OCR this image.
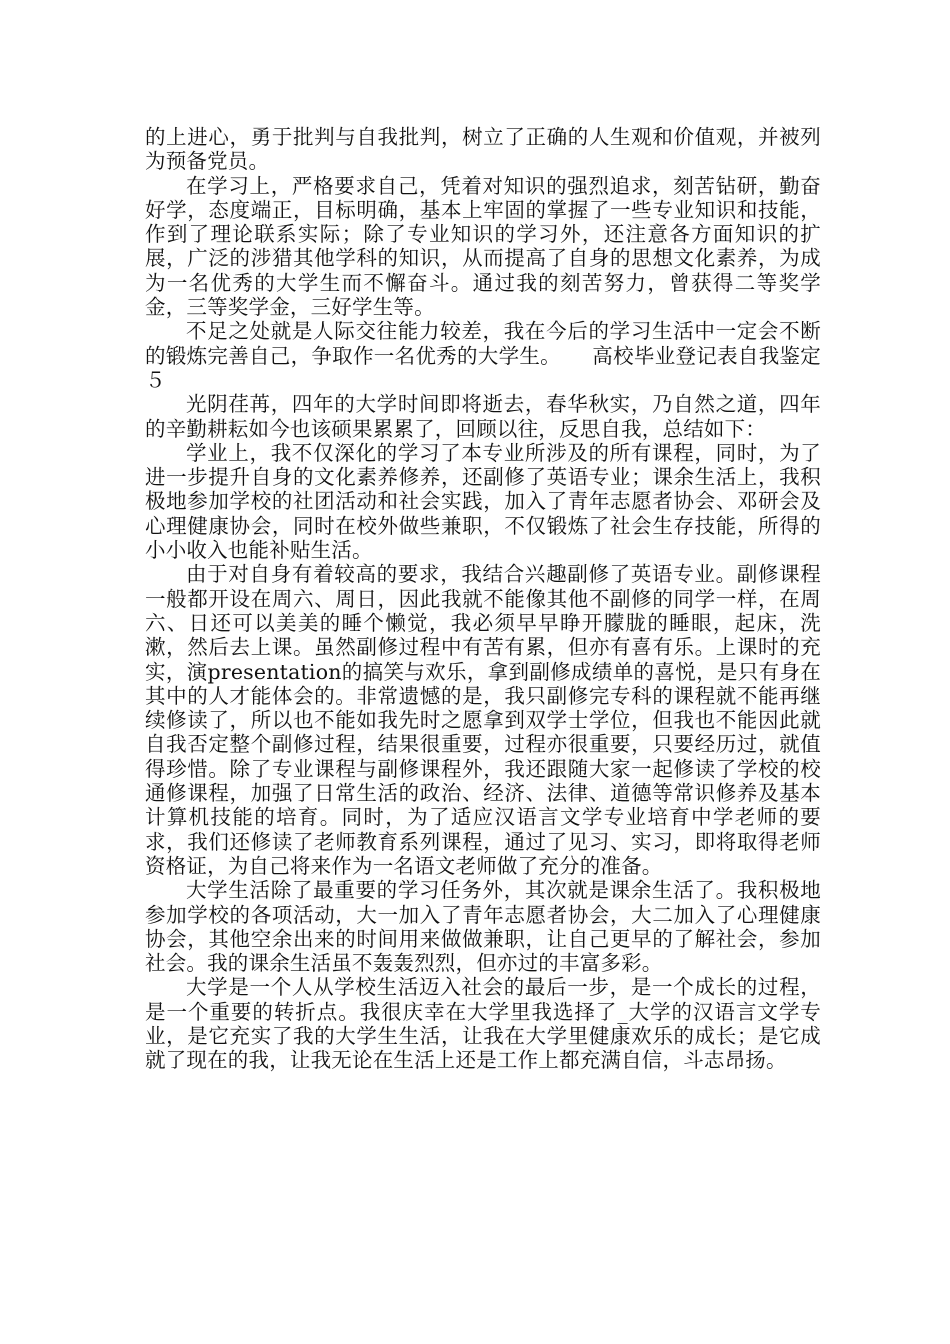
的上进心，勇于批判与自我批判，树立了正确的人生观和价值观，并被列为预备党员。

在学习上，严格要求自己，凭着对知识的强烈追求，刻苦钻研，勤奋好学，态度端正，目标明确，基本上牢固的掌握了一些专业知识和技能，作到了理论联系实际；除了专业知识的学习外，还注意各方面知识的扩展，广泛的涉猎其他学科的知识，从而提高了自身的思想文化素养，为成为一名优秀的大学生而不懈奋斗。通过我的刻苦努力，曾获得二等奖学金，三等奖学金，三好学生等。

不足之处就是人际交往能力较差，我在今后的学习生活中一定会不断的锻炼完善自己，争取作一名优秀的大学生。　　高校毕业登记表自我鉴定５

光阴荏苒，四年的大学时间即将逝去，春华秋实，乃自然之道，四年的辛勤耕耘如今也该硕果累累了，回顾以往，反思自我，总结如下：

学业上，我不仅深化的学习了本专业所涉及的所有课程，同时，为了进一步提升自身的文化素养修养，还副修了英语专业；课余生活上，我积极地参加学校的社团活动和社会实践，加入了青年志愿者协会、邓研会及心理健康协会，同时在校外做些兼职，不仅锻炼了社会生存技能，所得的小小收入也能补贴生活。

由于对自身有着较高的要求，我结合兴趣副修了英语专业。副修课程一般都开设在周六、周日，因此我就不能像其他不副修的同学一样，在周六、日还可以美美的睡个懒觉，我必须早早睁开朦胧的睡眼，起床，洗漱，然后去上课。虽然副修过程中有苦有累，但亦有喜有乐。上课时的充实，演presentation的搞笑与欢乐，拿到副修成绩单的喜悦，是只有身在其中的人才能体会的。非常遗憾的是，我只副修完专科的课程就不能再继续修读了，所以也不能如我先时之愿拿到双学士学位，但我也不能因此就自我否定整个副修过程，结果很重要，过程亦很重要，只要经历过，就值得珍惜。除了专业课程与副修课程外，我还跟随大家一起修读了学校的校通修课程，加强了日常生活的政治、经济、法律、道德等常识修养及基本计算机技能的培育。同时，为了适应汉语言文学专业培育中学老师的要求，我们还修读了老师教育系列课程，通过了见习、实习，即将取得老师资格证，为自己将来作为一名语文老师做了充分的准备。

大学生活除了最重要的学习任务外，其次就是课余生活了。我积极地参加学校的各项活动，大一加入了青年志愿者协会，大二加入了心理健康协会，其他空余出来的时间用来做做兼职，让自己更早的了解社会，参加社会。我的课余生活虽不轰轰烈烈，但亦过的丰富多彩。

大学是一个人从学校生活迈入社会的最后一步，是一个成长的过程，是一个重要的转折点。我很庆幸在大学里我选择了_大学的汉语言文学专业，是它充实了我的大学生生活，让我在大学里健康欢乐的成长；是它成就了现在的我，让我无论在生活上还是工作上都充满自信，斗志昂扬。
